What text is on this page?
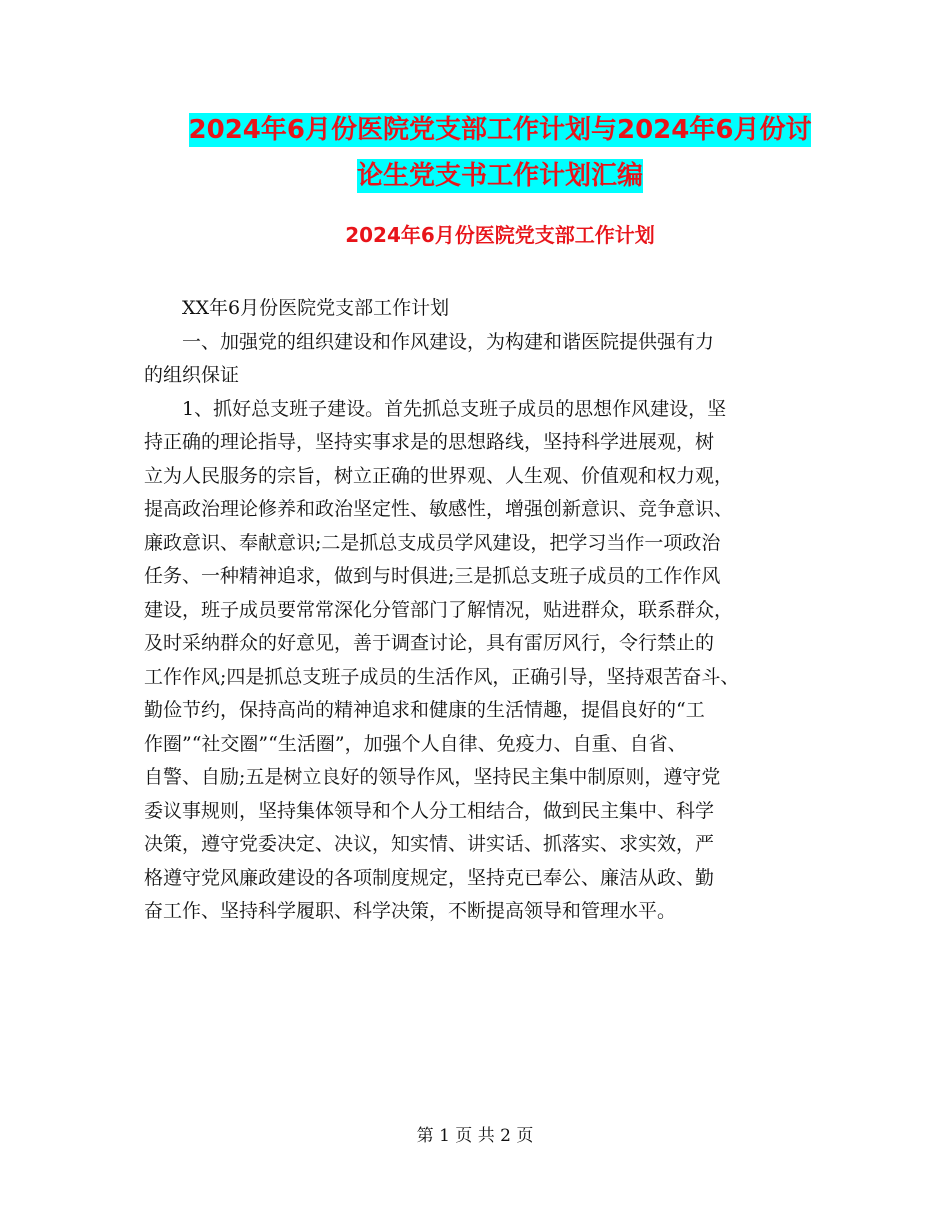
2024年6月份医院党支部工作计划与2024年6月份讨
论生党支书工作计划汇编
2024年6月份医院党支部工作计划
XX年6月份医院党支部工作计划
一、加强党的组织建设和作风建设，为构建和谐医院提供强有力
的组织保证
1、抓好总支班子建设。首先抓总支班子成员的思想作风建设，坚
持正确的理论指导，坚持实事求是的思想路线，坚持科学进展观，树
立为人民服务的宗旨，树立正确的世界观、人生观、价值观和权力观，
提高政治理论修养和政治坚定性、敏感性，增强创新意识、竞争意识、
廉政意识、奉献意识;二是抓总支成员学风建设，把学习当作一项政治
任务、一种精神追求，做到与时俱进;三是抓总支班子成员的工作作风
建设，班子成员要常常深化分管部门了解情况，贴进群众，联系群众，
及时采纳群众的好意见，善于调查讨论，具有雷厉风行，令行禁止的
工作作风;四是抓总支班子成员的生活作风，正确引导，坚持艰苦奋斗、
勤俭节约，保持高尚的精神追求和健康的生活情趣，提倡良好的“工
作圈”“社交圈”“生活圈”，加强个人自律、免疫力、自重、自省、
自警、自励;五是树立良好的领导作风，坚持民主集中制原则，遵守党
委议事规则，坚持集体领导和个人分工相结合，做到民主集中、科学
决策，遵守党委决定、决议，知实情、讲实话、抓落实、求实效，严
格遵守党风廉政建设的各项制度规定，坚持克已奉公、廉洁从政、勤
奋工作、坚持科学履职、科学决策，不断提高领导和管理水平。
第 1 页 共 2 页
